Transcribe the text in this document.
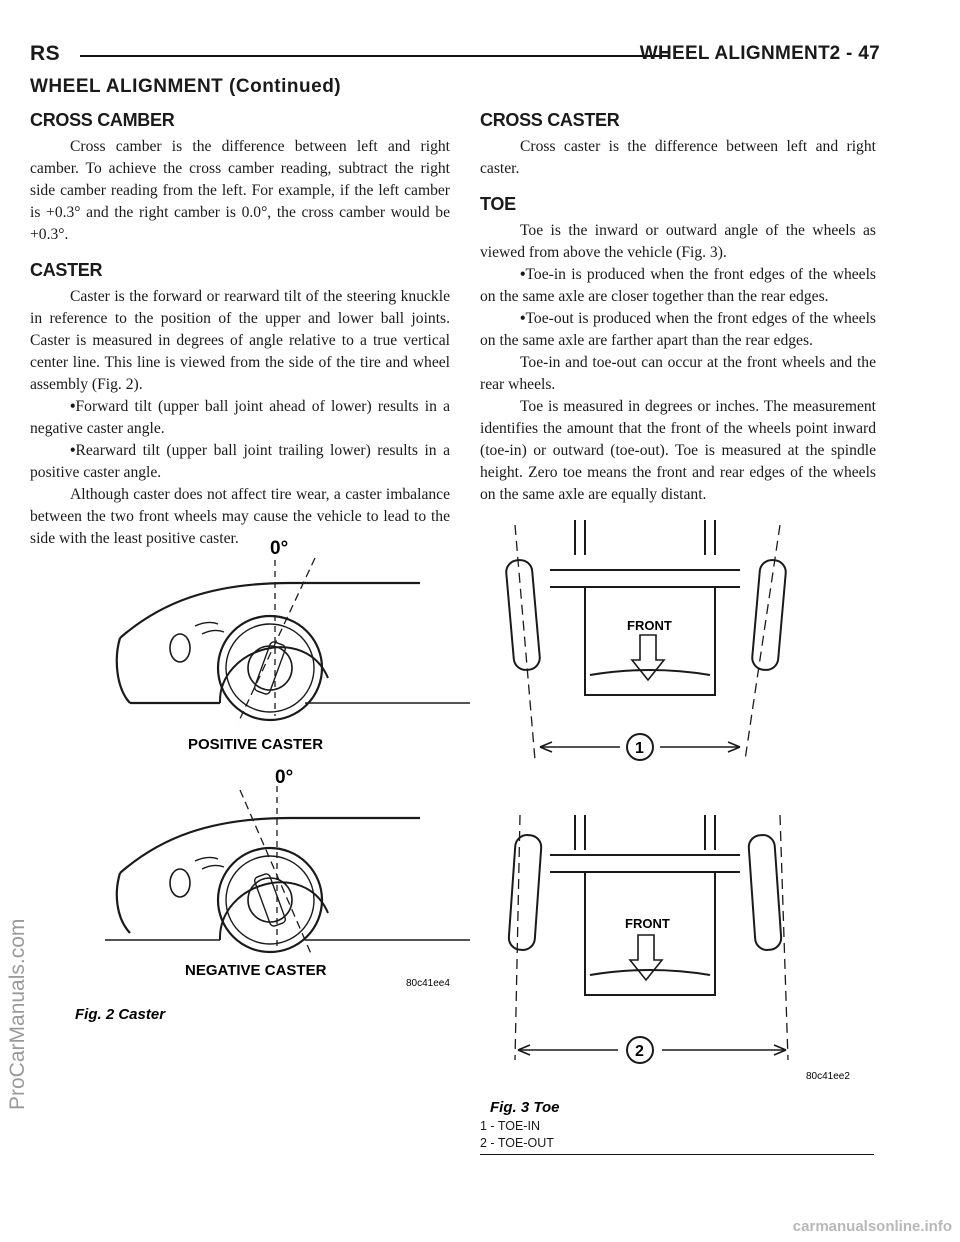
RS	WHEEL ALIGNMENT 2 - 47
WHEEL ALIGNMENT (Continued)
CROSS CAMBER

Cross camber is the difference between left and right camber. To achieve the cross camber reading, subtract the right side camber reading from the left. For example, if the left camber is +0.3° and the right camber is 0.0°, the cross camber would be +0.3°.

CASTER

Caster is the forward or rearward tilt of the steering knuckle in reference to the position of the upper and lower ball joints. Caster is measured in degrees of angle relative to a true vertical center line. This line is viewed from the side of the tire and wheel assembly (Fig. 2).

•Forward tilt (upper ball joint ahead of lower) results in a negative caster angle.

•Rearward tilt (upper ball joint trailing lower) results in a positive caster angle.

Although caster does not affect tire wear, a caster imbalance between the two front wheels may cause the vehicle to lead to the side with the least positive caster.

CROSS CASTER

Cross caster is the difference between left and right caster.

TOE

Toe is the inward or outward angle of the wheels as viewed from above the vehicle (Fig. 3).

•Toe-in is produced when the front edges of the wheels on the same axle are closer together than the rear edges.

•Toe-out is produced when the front edges of the wheels on the same axle are farther apart than the rear edges.

Toe-in and toe-out can occur at the front wheels and the rear wheels.

Toe is measured in degrees or inches. The measurement identifies the amount that the front of the wheels point inward (toe-in) or outward (toe-out). Toe is measured at the spindle height. Zero toe means the front and rear edges of the wheels on the same axle are equally distant.

0°
POSITIVE CASTER
0°
NEGATIVE CASTER
80c41ee4
Fig. 2 Caster
FRONT
FRONT
1
2
80c41ee2
Fig. 3 Toe
1 - TOE-IN
2 - TOE-OUT
ProCarManuals.com
carmanualsonline.info
